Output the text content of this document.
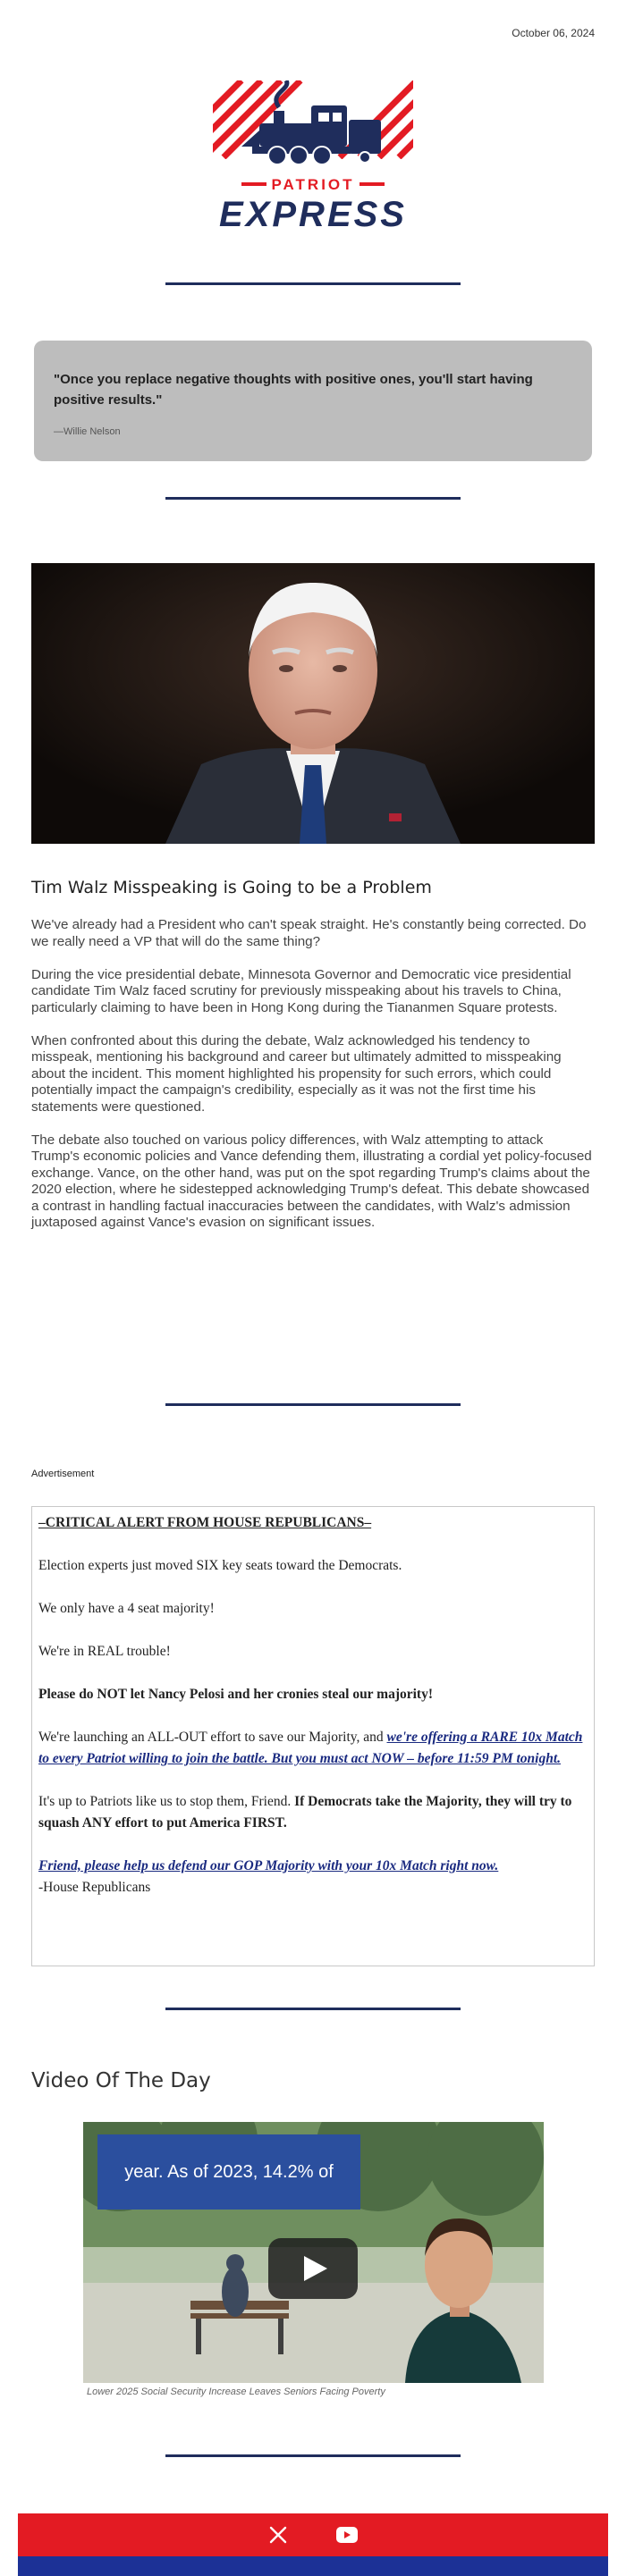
October 06, 2024
PATRIOT
EXPRESS

"Once you replace negative thoughts with positive ones, you'll start having positive results."

—Willie Nelson
Tim Walz Misspeaking is Going to be a Problem

We've already had a President who can't speak straight. He's constantly being corrected. Do we really need a VP that will do the same thing?

During the vice presidential debate, Minnesota Governor and Democratic vice presidential candidate Tim Walz faced scrutiny for previously misspeaking about his travels to China, particularly claiming to have been in Hong Kong during the Tiananmen Square protests.

When confronted about this during the debate, Walz acknowledged his tendency to misspeak, mentioning his background and career but ultimately admitted to misspeaking about the incident. This moment highlighted his propensity for such errors, which could potentially impact the campaign's credibility, especially as it was not the first time his statements were questioned.

The debate also touched on various policy differences, with Walz attempting to attack Trump's economic policies and Vance defending them, illustrating a cordial yet policy-focused exchange. Vance, on the other hand, was put on the spot regarding Trump's claims about the 2020 election, where he sidestepped acknowledging Trump's defeat. This debate showcased a contrast in handling factual inaccuracies between the candidates, with Walz's admission juxtaposed against Vance's evasion on significant issues.

Advertisement

–CRITICAL ALERT FROM HOUSE REPUBLICANS–

Election experts just moved SIX key seats toward the Democrats.

We only have a 4 seat majority!

We're in REAL trouble!

Please do NOT let Nancy Pelosi and her cronies steal our majority!

We're launching an ALL-OUT effort to save our Majority, and we're offering a RARE 10x Match to every Patriot willing to join the battle. But you must act NOW – before 11:59 PM tonight.

It's up to Patriots like us to stop them, Friend. If Democrats take the Majority, they will try to squash ANY effort to put America FIRST.

Friend, please help us defend our GOP Majority with your 10x Match right now.
-House Republicans

Video Of The Day
year. As of 2023, 14.2% of
Lower 2025 Social Security Increase Leaves Seniors Facing Poverty
